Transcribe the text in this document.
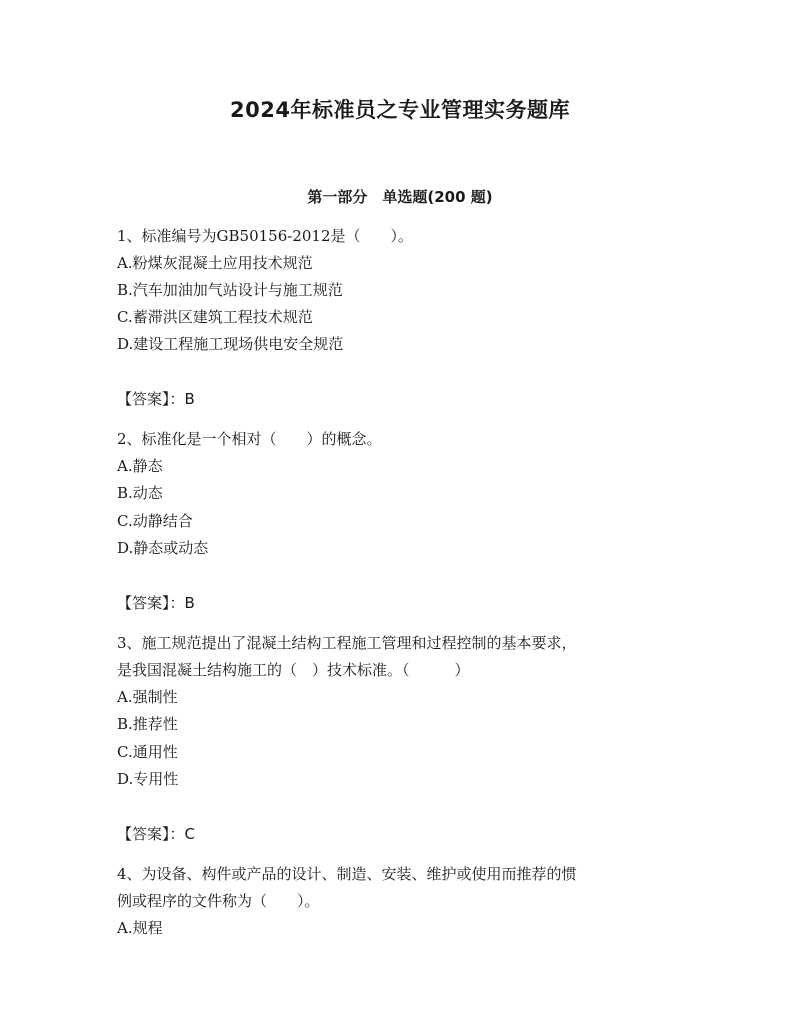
2024年标准员之专业管理实务题库
第一部分　单选题(200 题)
1、标准编号为GB50156-2012是（　　）。
A.粉煤灰混凝土应用技术规范
B.汽车加油加气站设计与施工规范
C.蓄滞洪区建筑工程技术规范
D.建设工程施工现场供电安全规范
【答案】：B
2、标准化是一个相对（　　）的概念。
A.静态
B.动态
C.动静结合
D.静态或动态
【答案】：B
3、施工规范提出了混凝土结构工程施工管理和过程控制的基本要求，
是我国混凝土结构施工的（　）技术标准。（　　　）
A.强制性
B.推荐性
C.通用性
D.专用性
【答案】：C
4、为设备、构件或产品的设计、制造、安装、维护或使用而推荐的惯
例或程序的文件称为（　　）。
A.规程
